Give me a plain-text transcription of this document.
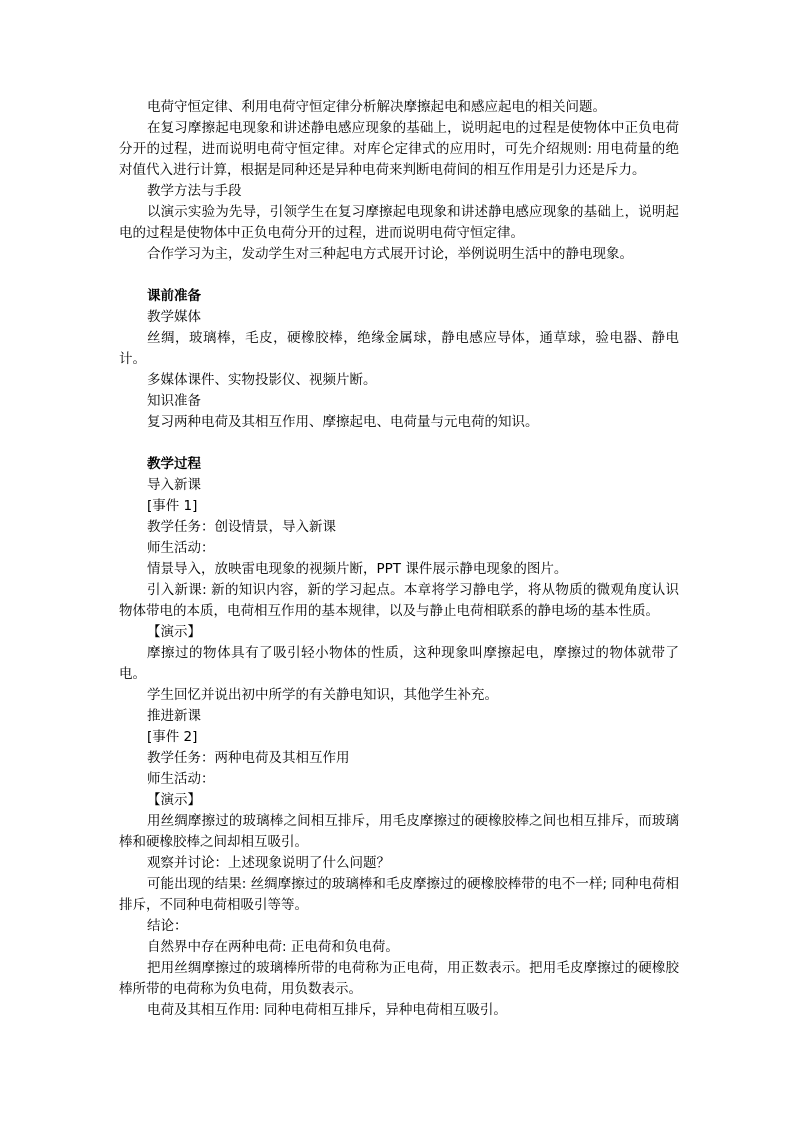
电荷守恒定律、利用电荷守恒定律分析解决摩擦起电和感应起电的相关问题。

在复习摩擦起电现象和讲述静电感应现象的基础上，说明起电的过程是使物体中正负电荷分开的过程，进而说明电荷守恒定律。对库仑定律式的应用时，可先介绍规则: 用电荷量的绝对值代入进行计算，根据是同种还是异种电荷来判断电荷间的相互作用是引力还是斥力。

教学方法与手段

以演示实验为先导，引领学生在复习摩擦起电现象和讲述静电感应现象的基础上，说明起电的过程是使物体中正负电荷分开的过程，进而说明电荷守恒定律。

合作学习为主，发动学生对三种起电方式展开讨论，举例说明生活中的静电现象。

课前准备

教学媒体

丝绸，玻璃棒，毛皮，硬橡胶棒，绝缘金属球，静电感应导体，通草球，验电器、静电计。

多媒体课件、实物投影仪、视频片断。

知识准备

复习两种电荷及其相互作用、摩擦起电、电荷量与元电荷的知识。

教学过程

导入新课

[事件 1]

教学任务：创设情景，导入新课

师生活动：

情景导入，放映雷电现象的视频片断，PPT 课件展示静电现象的图片。

引入新课: 新的知识内容，新的学习起点。本章将学习静电学，将从物质的微观角度认识物体带电的本质，电荷相互作用的基本规律，以及与静止电荷相联系的静电场的基本性质。

【演示】

摩擦过的物体具有了吸引轻小物体的性质，这种现象叫摩擦起电，摩擦过的物体就带了电。

学生回忆并说出初中所学的有关静电知识，其他学生补充。

推进新课

[事件 2]

教学任务：两种电荷及其相互作用

师生活动：

【演示】

用丝绸摩擦过的玻璃棒之间相互排斥，用毛皮摩擦过的硬橡胶棒之间也相互排斥，而玻璃棒和硬橡胶棒之间却相互吸引。

观察并讨论：上述现象说明了什么问题？

可能出现的结果: 丝绸摩擦过的玻璃棒和毛皮摩擦过的硬橡胶棒带的电不一样; 同种电荷相排斥，不同种电荷相吸引等等。

结论：

自然界中存在两种电荷: 正电荷和负电荷。

把用丝绸摩擦过的玻璃棒所带的电荷称为正电荷，用正数表示。把用毛皮摩擦过的硬橡胶棒所带的电荷称为负电荷，用负数表示。

电荷及其相互作用: 同种电荷相互排斥，异种电荷相互吸引。
